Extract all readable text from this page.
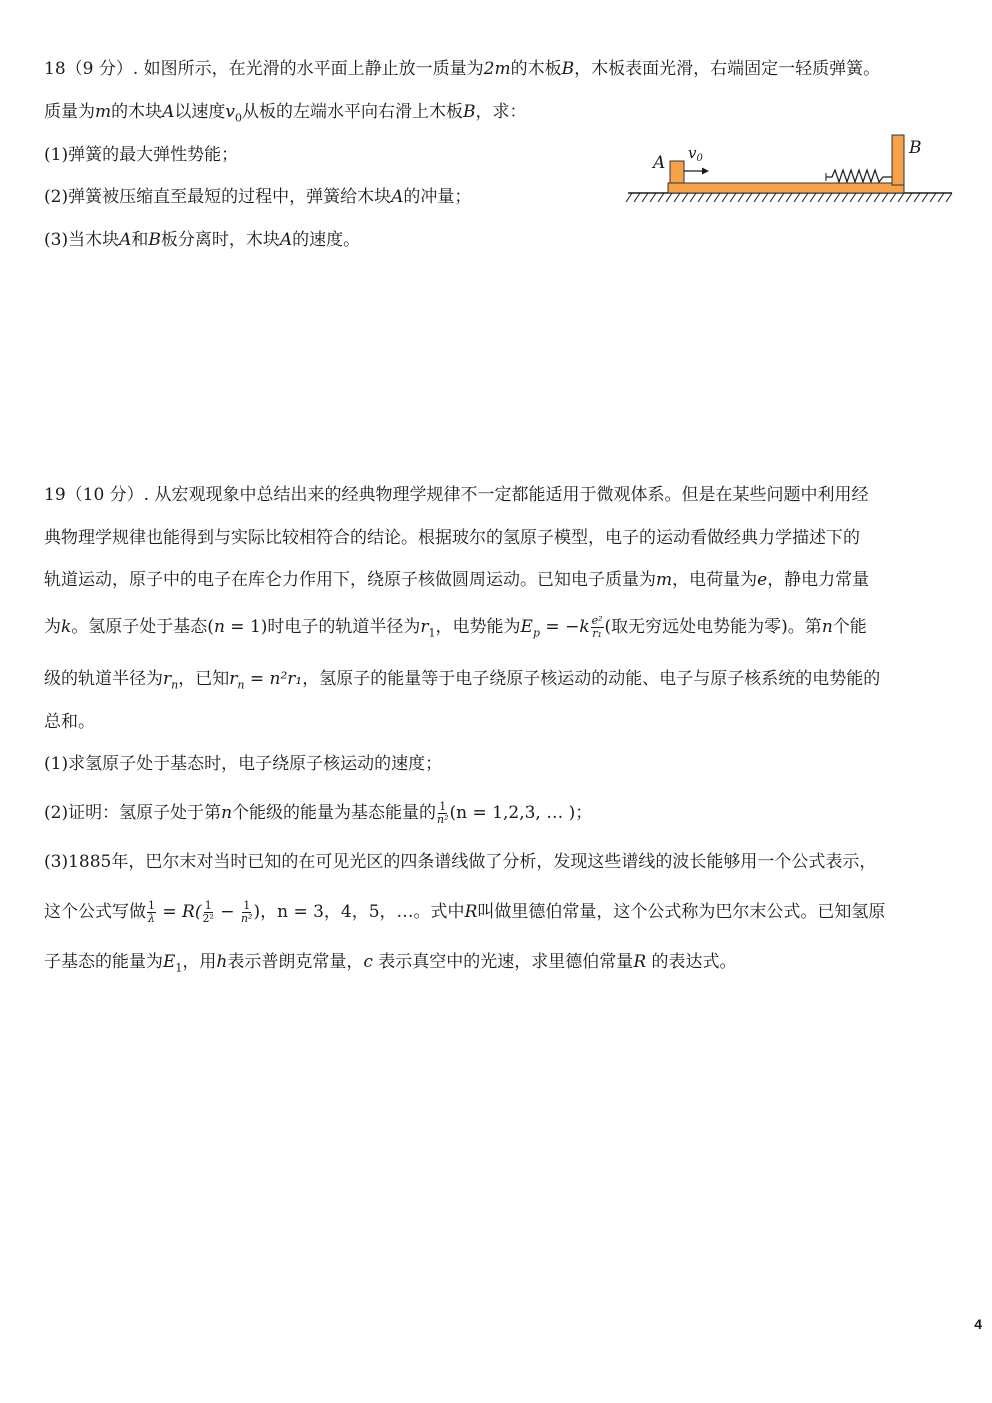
18（9 分）. 如图所示，在光滑的水平面上静止放一质量为2m的木板B，木板表面光滑，右端固定一轻质弹簧。
质量为m的木块A以速度$v_0$从板的左端水平向右滑上木板B，求：
(1)弹簧的最大弹性势能；
(2)弹簧被压缩直至最短的过程中，弹簧给木块A的冲量；
(3)当木块A和B板分离时，木块A的速度。
A $v_0$
B
19（10 分）. 从宏观现象中总结出来的经典物理学规律不一定都能适用于微观体系。但是在某些问题中利用经
典物理学规律也能得到与实际比较相符合的结论。根据玻尔的氢原子模型，电子的运动看做经典力学描述下的
轨道运动，原子中的电子在库仑力作用下，绕原子核做圆周运动。已知电子质量为m，电荷量为e，静电力常量
为k。氢原子处于基态(n = 1)时电子的轨道半径为$r_1$，电势能为$E_p = -k \frac{\text{e²}}{\text{r₁}}$ (取无穷远处电势能为零)。第n个能
级的轨道半径为$r_n$，已知$r_n = n^2r_1$，氢原子的能量等于电子绕原子核运动的动能、电子与原子核系统的电势能的
总和。
(1)求氢原子处于基态时，电子绕原子核运动的速度；
(2)证明：氢原子处于第n个能级的能量为基态能量的 $\frac{1}{\text{n²}} (n = 1,2,3$, … )；
(3)1885年，巴尔末对当时已知的在可见光区的四条谱线做了分析，发现这些谱线的波长能够用一个公式表示，
这个公式写做 $\frac{1}{\lambda} = R( \frac{1}{\text{2²}} - \frac{1}{\text{n²}}$ )，n = 3，4，5，…。式中R叫做里德伯常量，这个公式称为巴尔末公式。已知氢原
子基态的能量为$E_1$，用h表示普朗克常量，c 表示真空中的光速，求里德伯常量R 的表达式。
4
